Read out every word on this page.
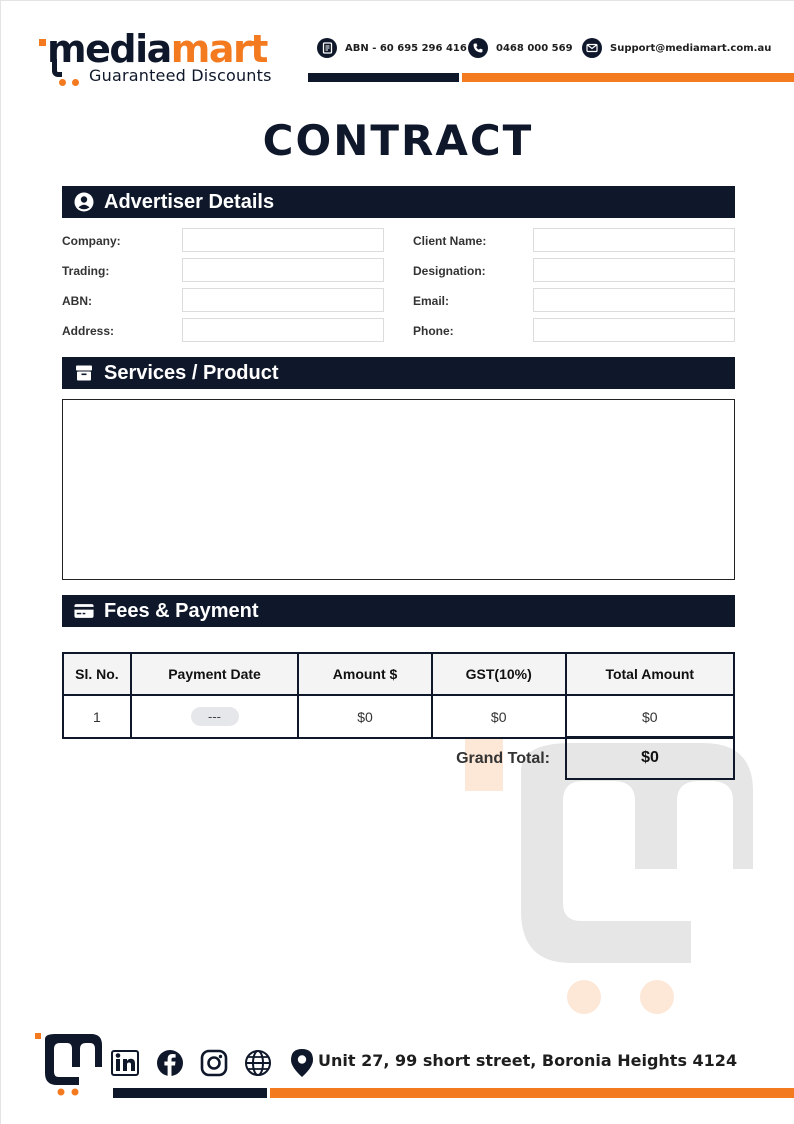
mediamart
Guaranteed Discounts
ABN - 60 695 296 416	0468 000 569	Support@mediamart.com.au
CONTRACT
Advertiser Details
Company:
Trading:
ABN:
Address:
Client Name:
Designation:
Email:
Phone:
Services / Product
Fees & Payment
Sl. No.	Payment Date	Amount $	GST(10%)	Total Amount
1	---	$0	$0	$0
Grand Total:	$0
Unit 27, 99 short street, Boronia Heights 4124
